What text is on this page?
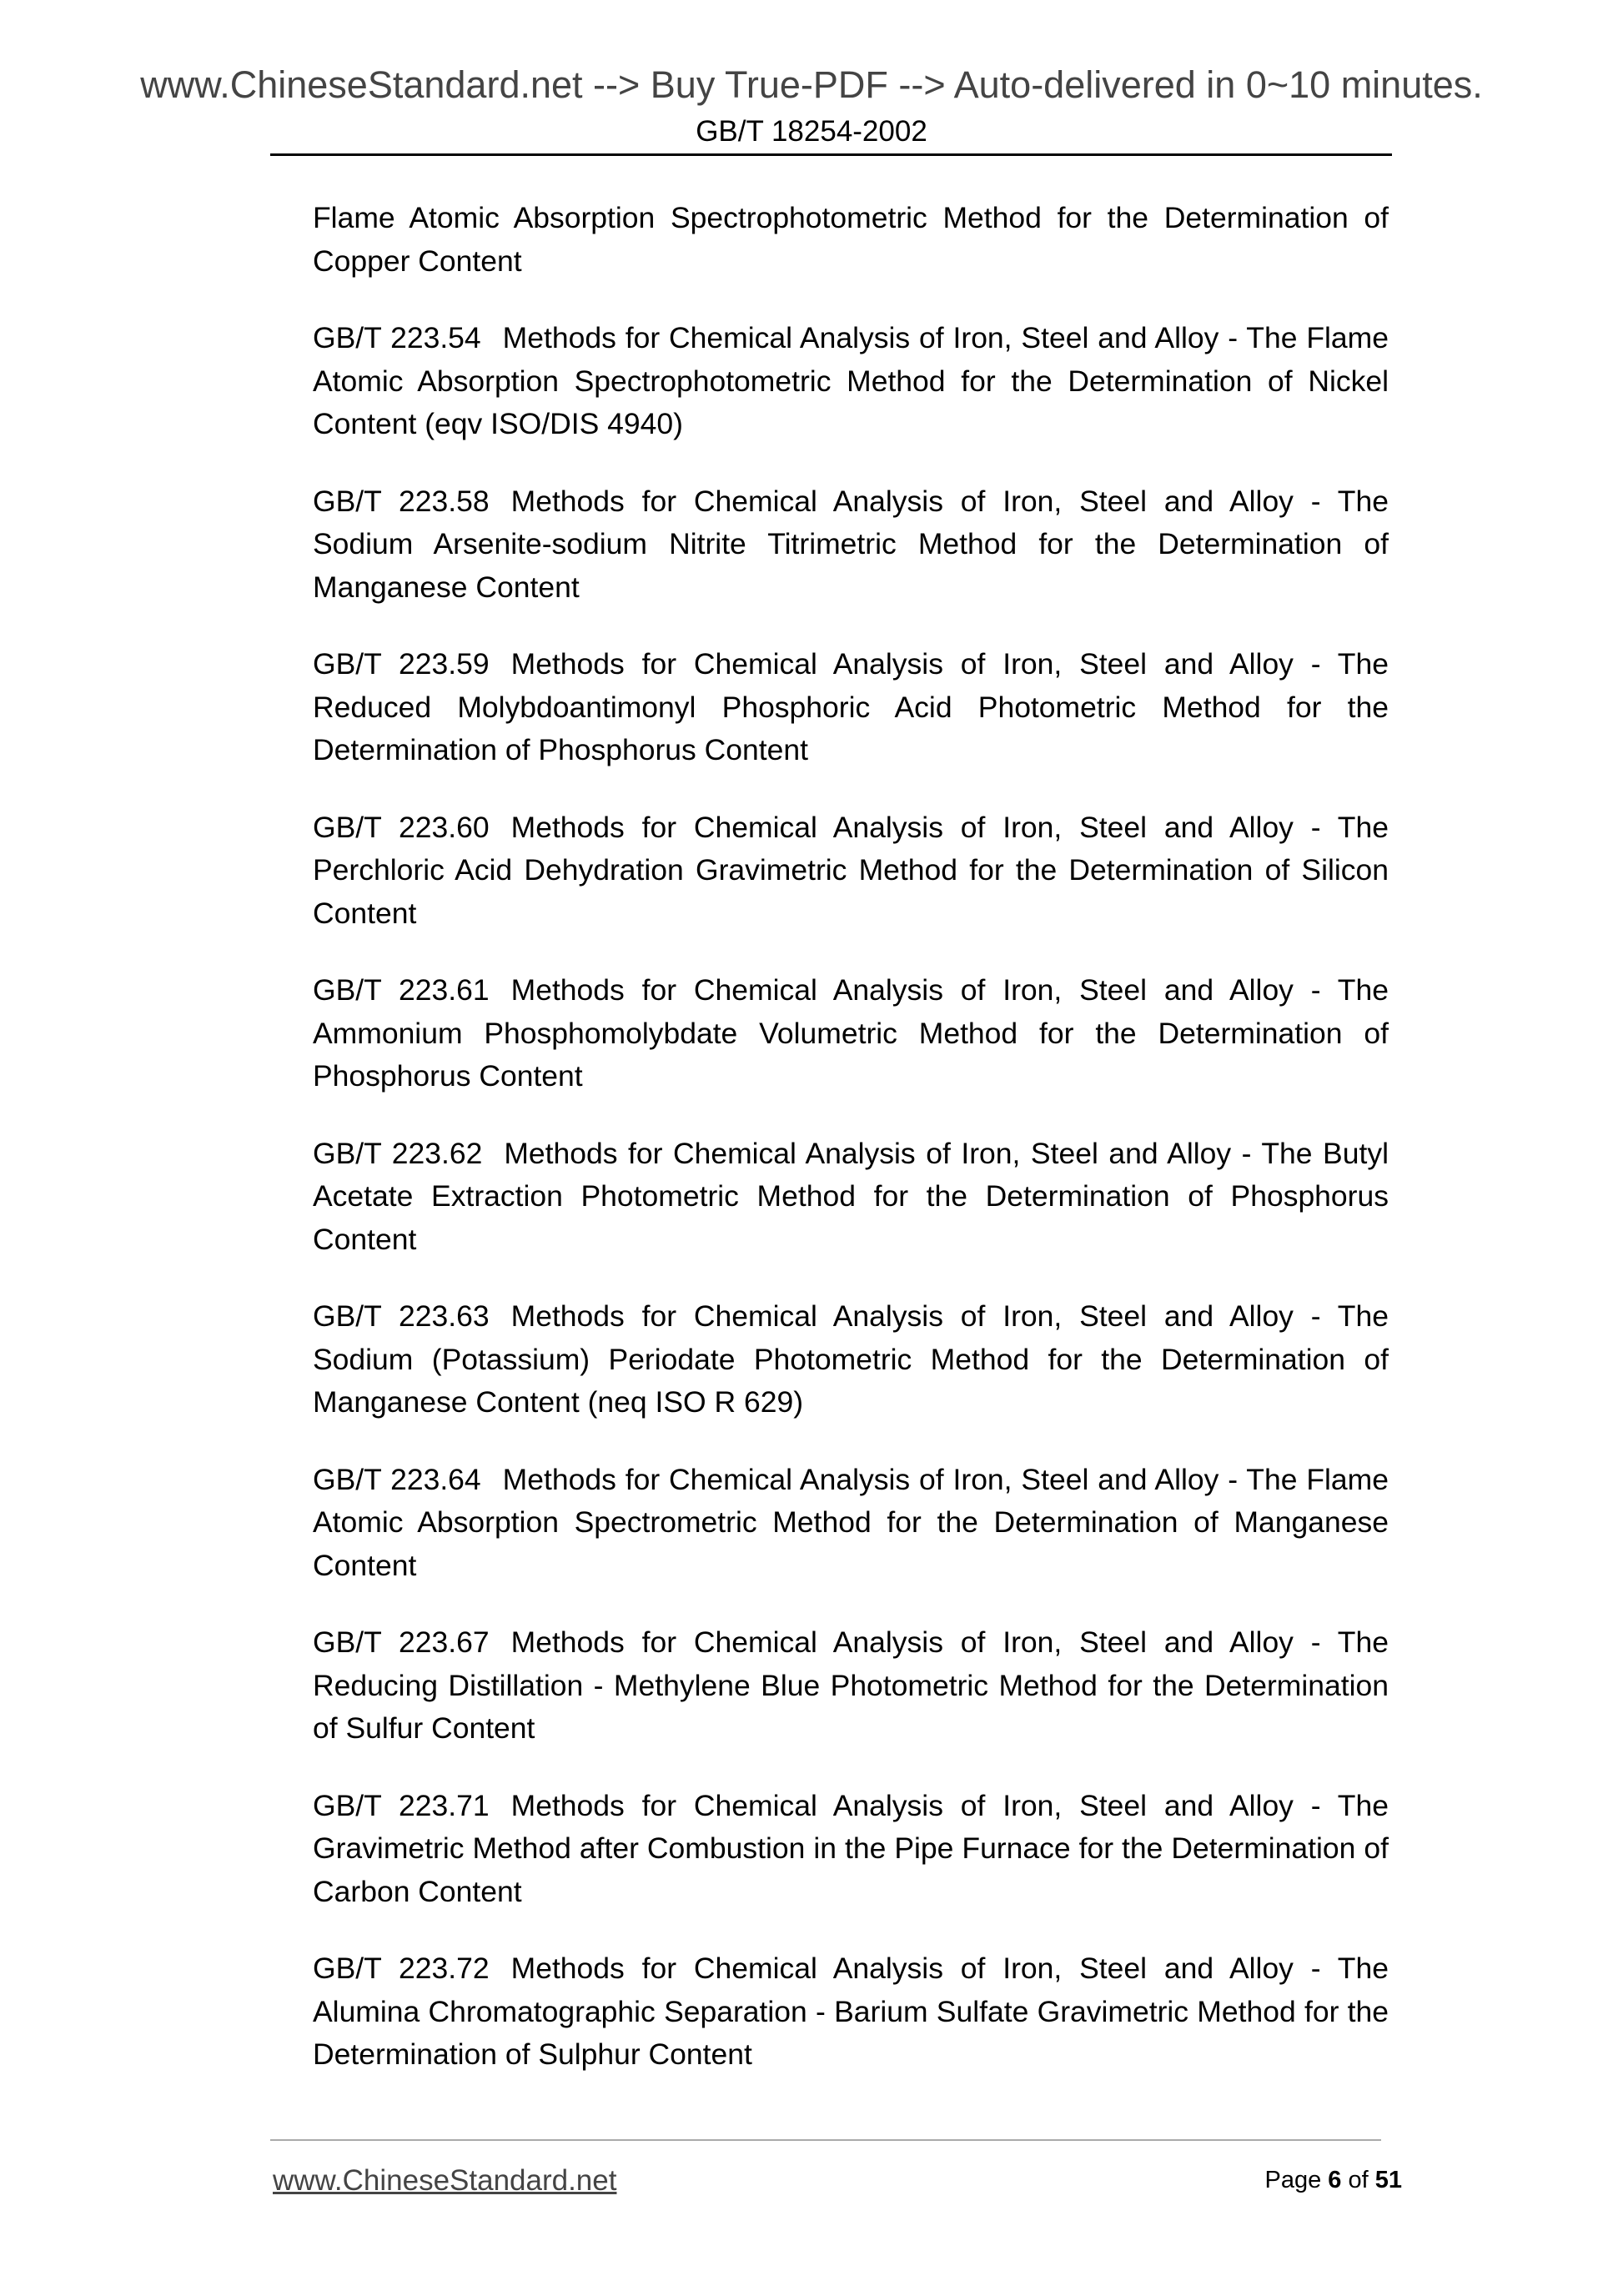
www.ChineseStandard.net --> Buy True-PDF --> Auto-delivered in 0~10 minutes.
GB/T 18254-2002

Flame Atomic Absorption Spectrophotometric Method for the Determination of Copper Content

GB/T 223.54 Methods for Chemical Analysis of Iron, Steel and Alloy - The Flame Atomic Absorption Spectrophotometric Method for the Determination of Nickel Content (eqv ISO/DIS 4940)

GB/T 223.58 Methods for Chemical Analysis of Iron, Steel and Alloy - The Sodium Arsenite-sodium Nitrite Titrimetric Method for the Determination of Manganese Content

GB/T 223.59 Methods for Chemical Analysis of Iron, Steel and Alloy - The Reduced Molybdoantimonyl Phosphoric Acid Photometric Method for the Determination of Phosphorus Content

GB/T 223.60 Methods for Chemical Analysis of Iron, Steel and Alloy - The Perchloric Acid Dehydration Gravimetric Method for the Determination of Silicon Content

GB/T 223.61 Methods for Chemical Analysis of Iron, Steel and Alloy - The Ammonium Phosphomolybdate Volumetric Method for the Determination of Phosphorus Content

GB/T 223.62 Methods for Chemical Analysis of Iron, Steel and Alloy - The Butyl Acetate Extraction Photometric Method for the Determination of Phosphorus Content

GB/T 223.63 Methods for Chemical Analysis of Iron, Steel and Alloy - The Sodium (Potassium) Periodate Photometric Method for the Determination of Manganese Content (neq ISO R 629)

GB/T 223.64 Methods for Chemical Analysis of Iron, Steel and Alloy - The Flame Atomic Absorption Spectrometric Method for the Determination of Manganese Content

GB/T 223.67 Methods for Chemical Analysis of Iron, Steel and Alloy - The Reducing Distillation - Methylene Blue Photometric Method for the Determination of Sulfur Content

GB/T 223.71 Methods for Chemical Analysis of Iron, Steel and Alloy - The Gravimetric Method after Combustion in the Pipe Furnace for the Determination of Carbon Content

GB/T 223.72 Methods for Chemical Analysis of Iron, Steel and Alloy - The Alumina Chromatographic Separation - Barium Sulfate Gravimetric Method for the Determination of Sulphur Content

www.ChineseStandard.net	Page 6 of 51
